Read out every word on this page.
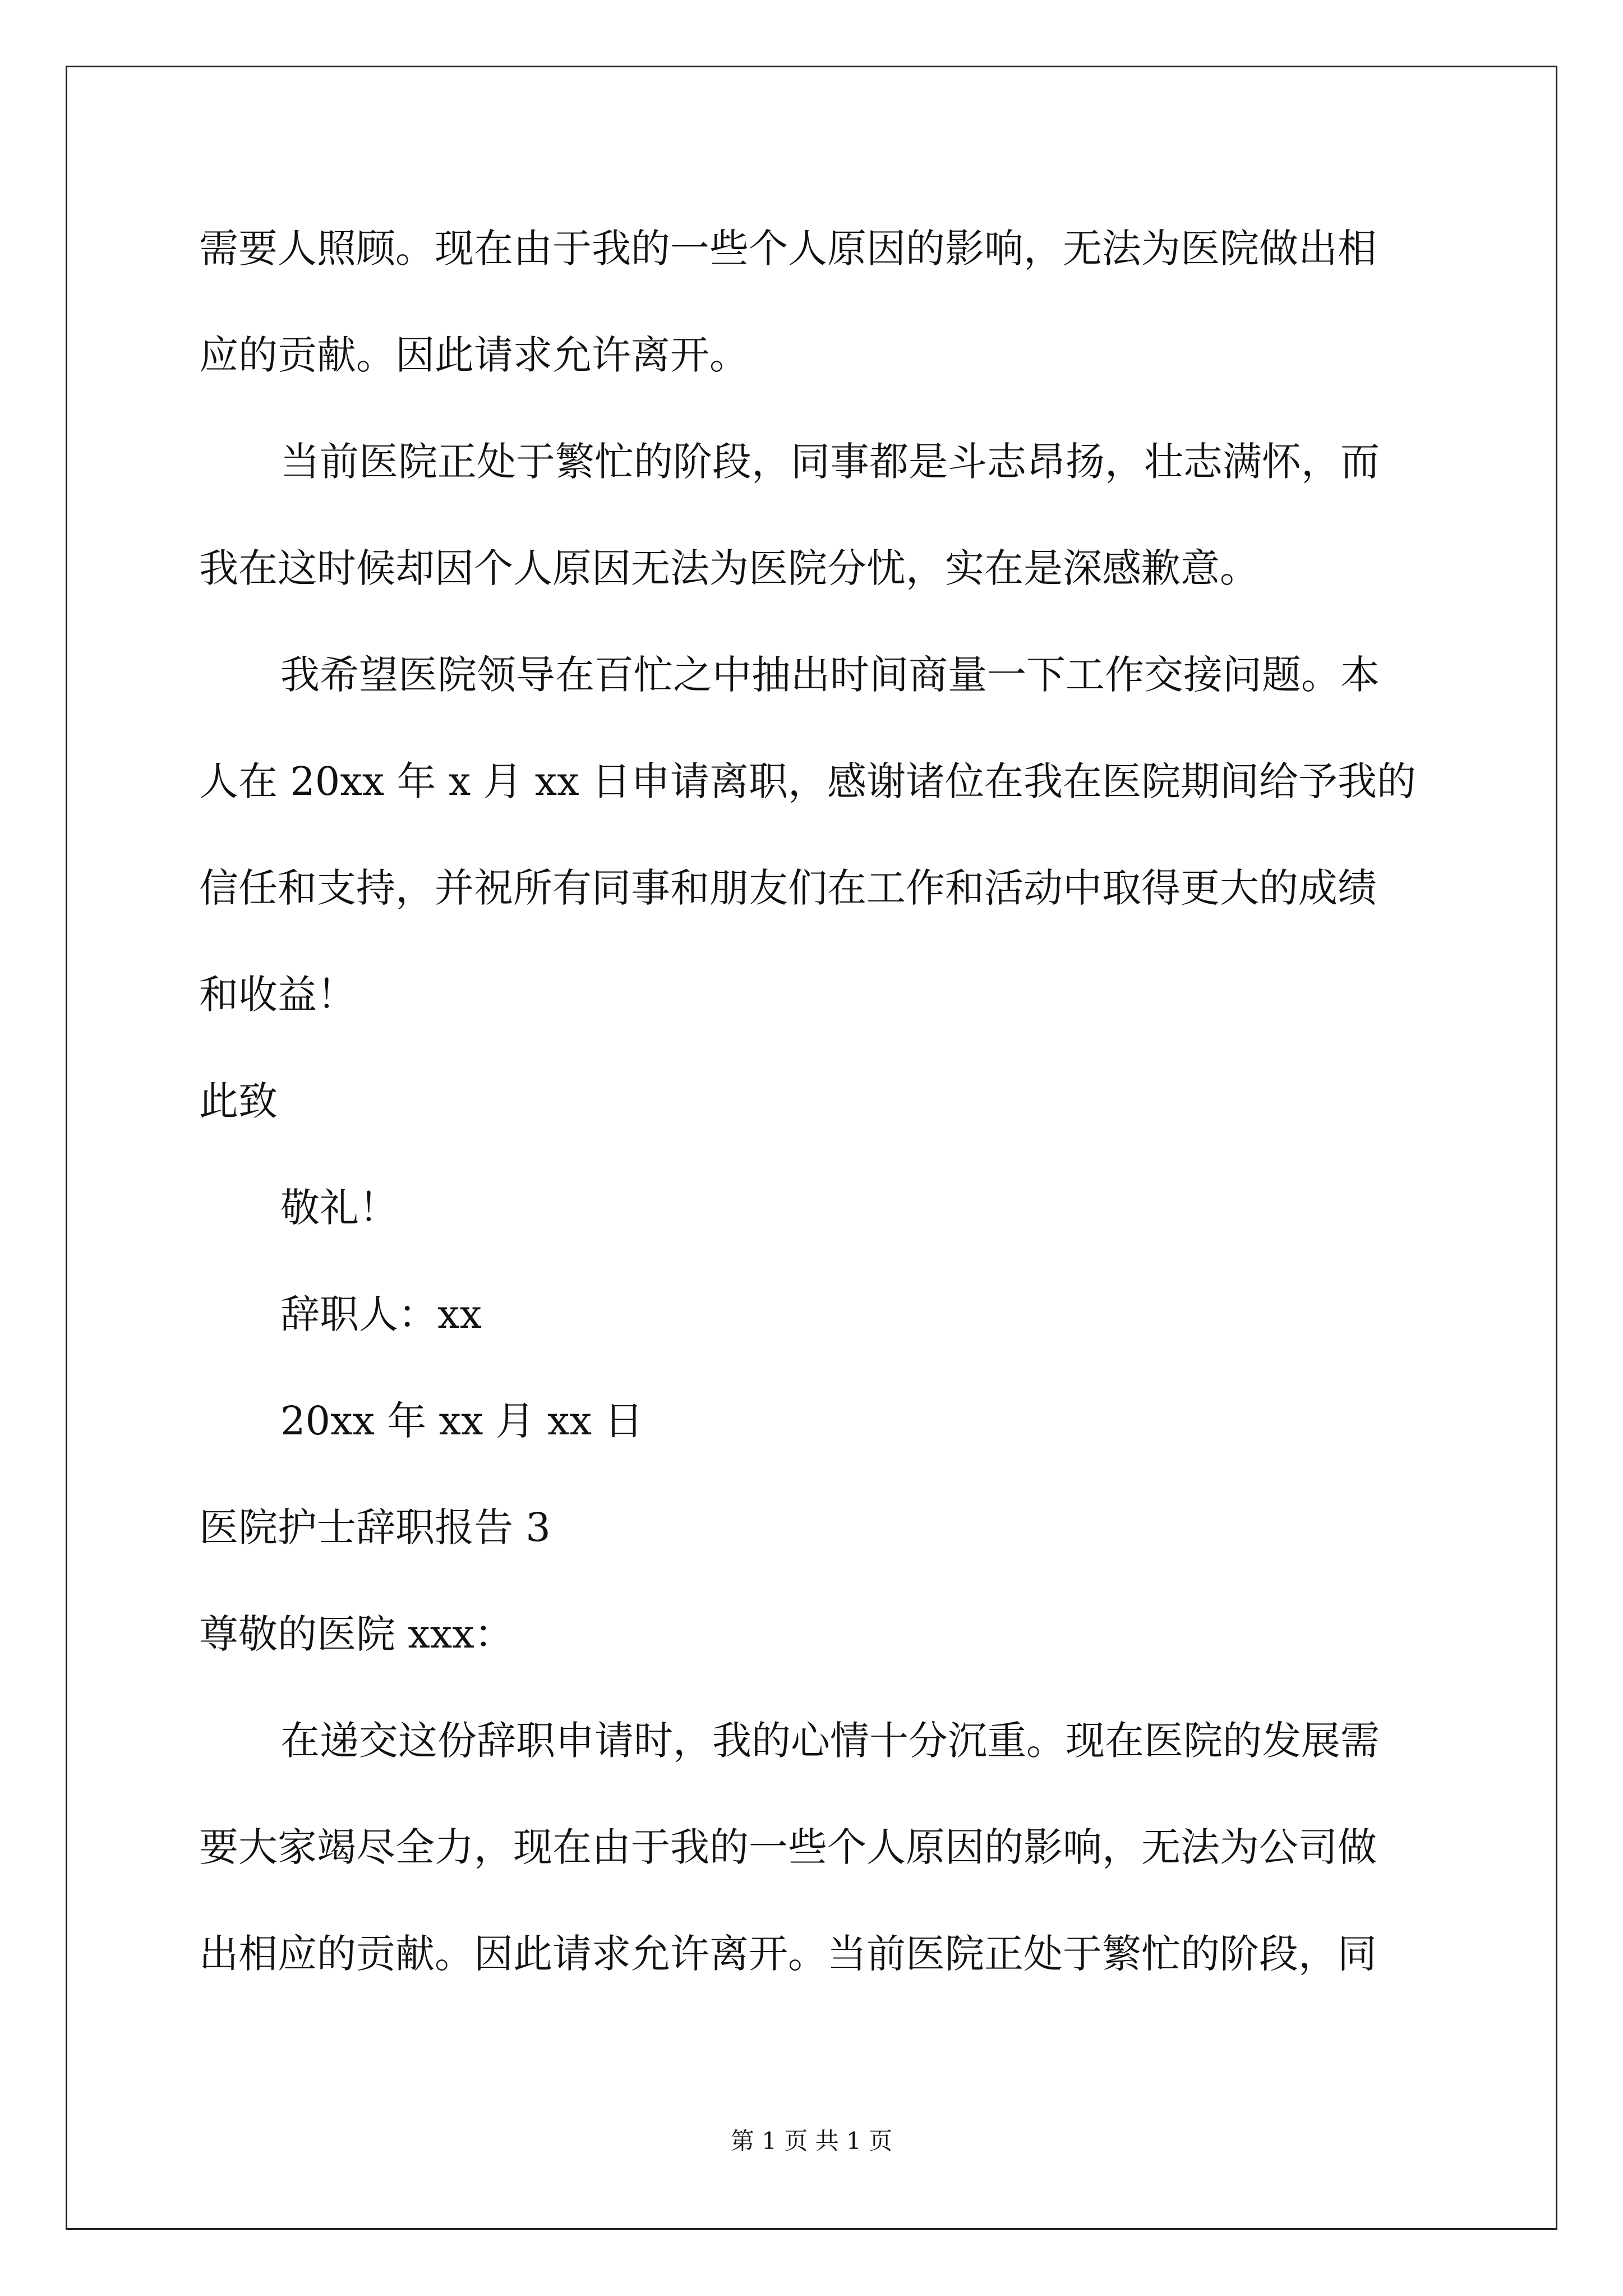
需要人照顾。现在由于我的一些个人原因的影响，无法为医院做出相
应的贡献。因此请求允许离开。
当前医院正处于繁忙的阶段，同事都是斗志昂扬，壮志满怀，而
我在这时候却因个人原因无法为医院分忧，实在是深感歉意。
我希望医院领导在百忙之中抽出时间商量一下工作交接问题。本
人在 20xx 年 x 月 xx 日申请离职，感谢诸位在我在医院期间给予我的
信任和支持，并祝所有同事和朋友们在工作和活动中取得更大的成绩
和收益！
此致
敬礼！
辞职人：xx
20xx 年 xx 月 xx 日
医院护士辞职报告 3
尊敬的医院 xxx：
在递交这份辞职申请时，我的心情十分沉重。现在医院的发展需
要大家竭尽全力，现在由于我的一些个人原因的影响，无法为公司做
出相应的贡献。因此请求允许离开。当前医院正处于繁忙的阶段，同
第 1 页 共 1 页
